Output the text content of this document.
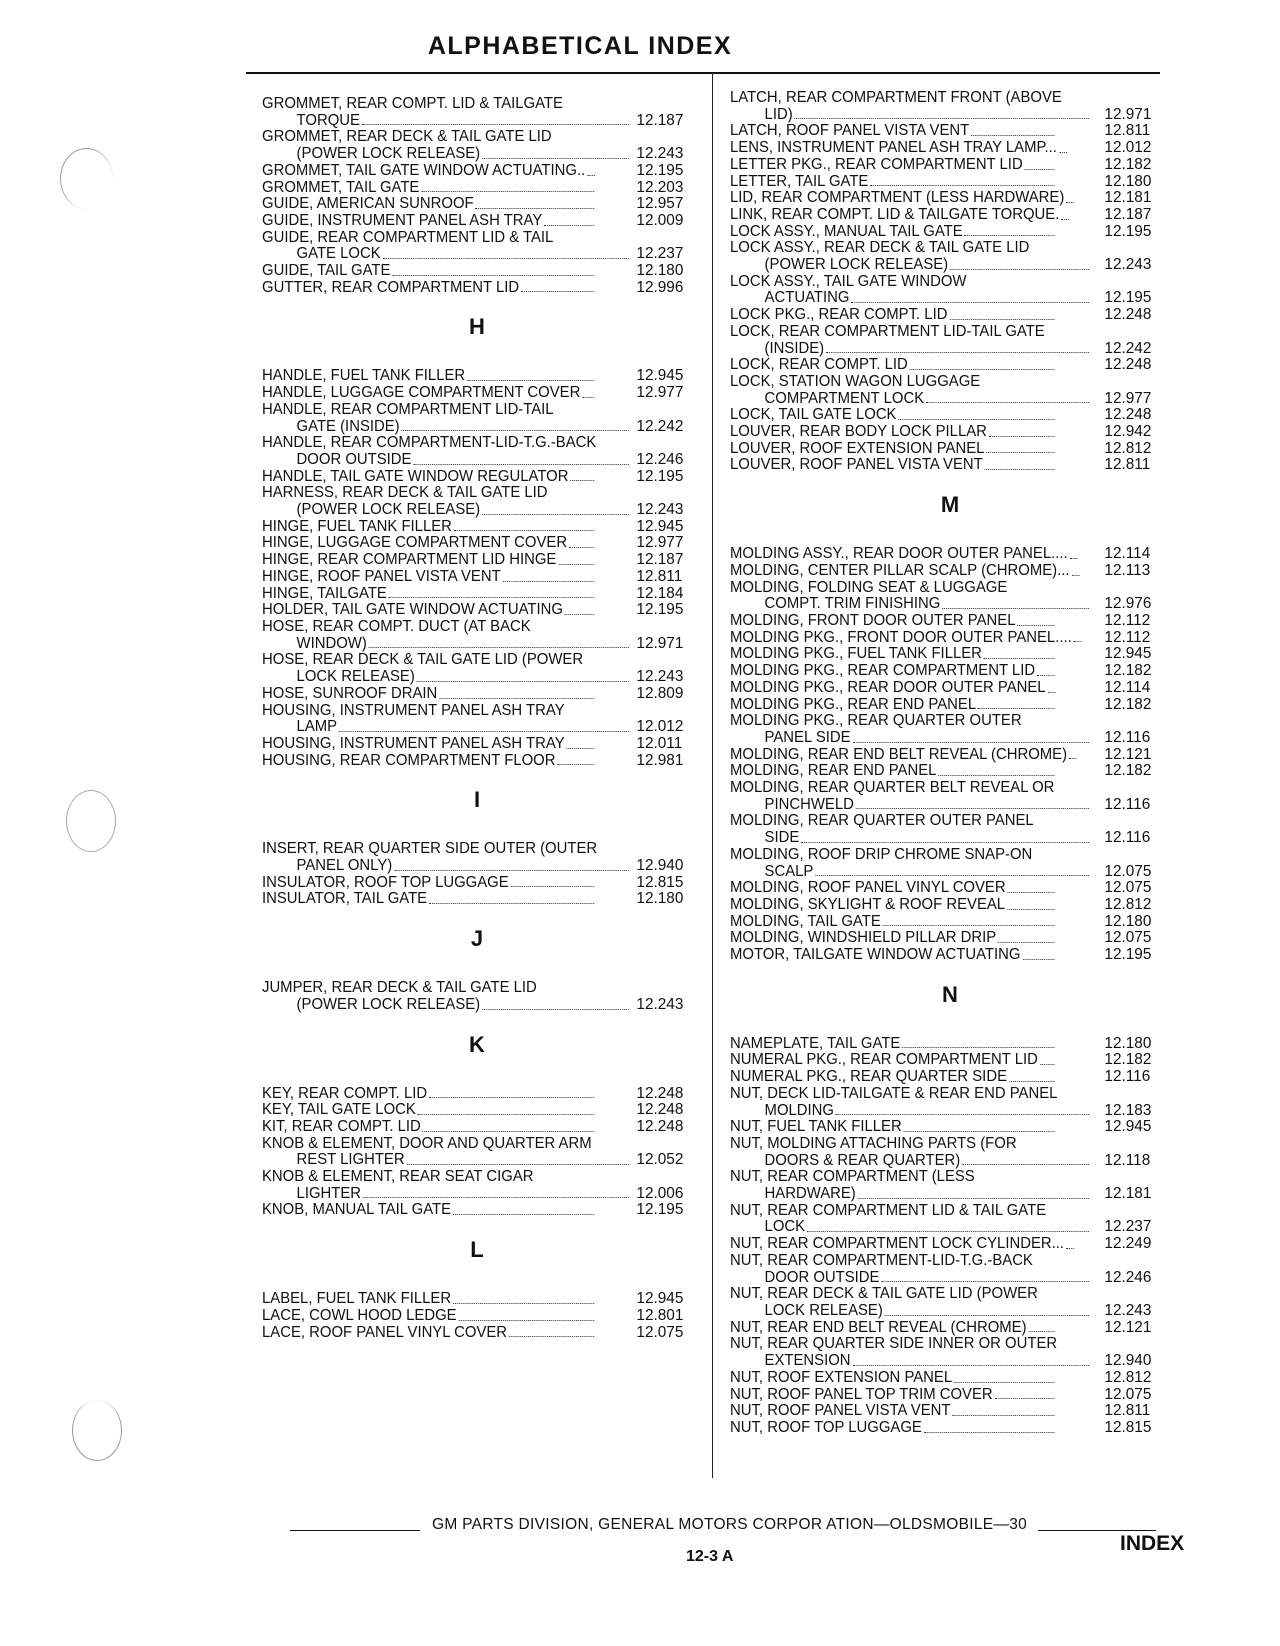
ALPHABETICAL INDEX
GROMMET, REAR COMPT. LID & TAILGATE
TORQUE	12.187
GROMMET, REAR DECK & TAIL GATE LID
(POWER LOCK RELEASE)	12.243
GROMMET, TAIL GATE WINDOW ACTUATING..	12.195
GROMMET, TAIL GATE	12.203
GUIDE, AMERICAN SUNROOF	12.957
GUIDE, INSTRUMENT PANEL ASH TRAY	12.009
GUIDE, REAR COMPARTMENT LID & TAIL
GATE LOCK	12.237
GUIDE, TAIL GATE	12.180
GUTTER, REAR COMPARTMENT LID	12.996
H
HANDLE, FUEL TANK FILLER	12.945
HANDLE, LUGGAGE COMPARTMENT COVER	12.977
HANDLE, REAR COMPARTMENT LID-TAIL
GATE (INSIDE)	12.242
HANDLE, REAR COMPARTMENT-LID-T.G.-BACK
DOOR OUTSIDE	12.246
HANDLE, TAIL GATE WINDOW REGULATOR	12.195
HARNESS, REAR DECK & TAIL GATE LID
(POWER LOCK RELEASE)	12.243
HINGE, FUEL TANK FILLER	12.945
HINGE, LUGGAGE COMPARTMENT COVER	12.977
HINGE, REAR COMPARTMENT LID HINGE	12.187
HINGE, ROOF PANEL VISTA VENT	12.811
HINGE, TAILGATE	12.184
HOLDER, TAIL GATE WINDOW ACTUATING	12.195
HOSE, REAR COMPT. DUCT (AT BACK
WINDOW)	12.971
HOSE, REAR DECK & TAIL GATE LID (POWER
LOCK RELEASE)	12.243
HOSE, SUNROOF DRAIN	12.809
HOUSING, INSTRUMENT PANEL ASH TRAY
LAMP	12.012
HOUSING, INSTRUMENT PANEL ASH TRAY	12.011
HOUSING, REAR COMPARTMENT FLOOR	12.981
I
INSERT, REAR QUARTER SIDE OUTER (OUTER
PANEL ONLY)	12.940
INSULATOR, ROOF TOP LUGGAGE	12.815
INSULATOR, TAIL GATE	12.180
J
JUMPER, REAR DECK & TAIL GATE LID
(POWER LOCK RELEASE)	12.243
K
KEY, REAR COMPT. LID	12.248
KEY, TAIL GATE LOCK	12.248
KIT, REAR COMPT. LID	12.248
KNOB & ELEMENT, DOOR AND QUARTER ARM
REST LIGHTER	12.052
KNOB & ELEMENT, REAR SEAT CIGAR
LIGHTER	12.006
KNOB, MANUAL TAIL GATE	12.195
L
LABEL, FUEL TANK FILLER	12.945
LACE, COWL HOOD LEDGE	12.801
LACE, ROOF PANEL VINYL COVER	12.075
LATCH, REAR COMPARTMENT FRONT (ABOVE
LID)	12.971
LATCH, ROOF PANEL VISTA VENT	12.811
LENS, INSTRUMENT PANEL ASH TRAY LAMP...	12.012
LETTER PKG., REAR COMPARTMENT LID	12.182
LETTER, TAIL GATE	12.180
LID, REAR COMPARTMENT (LESS HARDWARE)	12.181
LINK, REAR COMPT. LID & TAILGATE TORQUE.	12.187
LOCK ASSY., MANUAL TAIL GATE	12.195
LOCK ASSY., REAR DECK & TAIL GATE LID
(POWER LOCK RELEASE)	12.243
LOCK ASSY., TAIL GATE WINDOW
ACTUATING	12.195
LOCK PKG., REAR COMPT. LID	12.248
LOCK, REAR COMPARTMENT LID-TAIL GATE
(INSIDE)	12.242
LOCK, REAR COMPT. LID	12.248
LOCK, STATION WAGON LUGGAGE
COMPARTMENT LOCK	12.977
LOCK, TAIL GATE LOCK	12.248
LOUVER, REAR BODY LOCK PILLAR	12.942
LOUVER, ROOF EXTENSION PANEL	12.812
LOUVER, ROOF PANEL VISTA VENT	12.811
M
MOLDING ASSY., REAR DOOR OUTER PANEL.... 12.114
MOLDING, CENTER PILLAR SCALP (CHROME)... 12.113
MOLDING, FOLDING SEAT & LUGGAGE
COMPT. TRIM FINISHING	12.976
MOLDING, FRONT DOOR OUTER PANEL	12.112
MOLDING PKG., FRONT DOOR OUTER PANEL.... 12.112
MOLDING PKG., FUEL TANK FILLER	12.945
MOLDING PKG., REAR COMPARTMENT LID	12.182
MOLDING PKG., REAR DOOR OUTER PANEL	12.114
MOLDING PKG., REAR END PANEL	12.182
MOLDING PKG., REAR QUARTER OUTER
PANEL SIDE	12.116
MOLDING, REAR END BELT REVEAL (CHROME) 12.121
MOLDING, REAR END PANEL	12.182
MOLDING, REAR QUARTER BELT REVEAL OR
PINCHWELD	12.116
MOLDING, REAR QUARTER OUTER PANEL
SIDE	12.116
MOLDING, ROOF DRIP CHROME SNAP-ON
SCALP	12.075
MOLDING, ROOF PANEL VINYL COVER	12.075
MOLDING, SKYLIGHT & ROOF REVEAL	12.812
MOLDING, TAIL GATE	12.180
MOLDING, WINDSHIELD PILLAR DRIP	12.075
MOTOR, TAILGATE WINDOW ACTUATING	12.195
N
NAMEPLATE, TAIL GATE	12.180
NUMERAL PKG., REAR COMPARTMENT LID	12.182
NUMERAL PKG., REAR QUARTER SIDE	12.116
NUT, DECK LID-TAILGATE & REAR END PANEL
MOLDING	12.183
NUT, FUEL TANK FILLER	12.945
NUT, MOLDING ATTACHING PARTS (FOR
DOORS & REAR QUARTER)	12.118
NUT, REAR COMPARTMENT (LESS
HARDWARE)	12.181
NUT, REAR COMPARTMENT LID & TAIL GATE
LOCK	12.237
NUT, REAR COMPARTMENT LOCK CYLINDER...	12.249
NUT, REAR COMPARTMENT-LID-T.G.-BACK
DOOR OUTSIDE	12.246
NUT, REAR DECK & TAIL GATE LID (POWER
LOCK RELEASE)	12.243
NUT, REAR END BELT REVEAL (CHROME)	12.121
NUT, REAR QUARTER SIDE INNER OR OUTER
EXTENSION	12.940
NUT, ROOF EXTENSION PANEL	12.812
NUT, ROOF PANEL TOP TRIM COVER	12.075
NUT, ROOF PANEL VISTA VENT	12.811
NUT, ROOF TOP LUGGAGE	12.815
GM PARTS DIVISION, GENERAL MOTORS CORPOR ATION—OLDSMOBILE—30
12-3 A
INDEX
